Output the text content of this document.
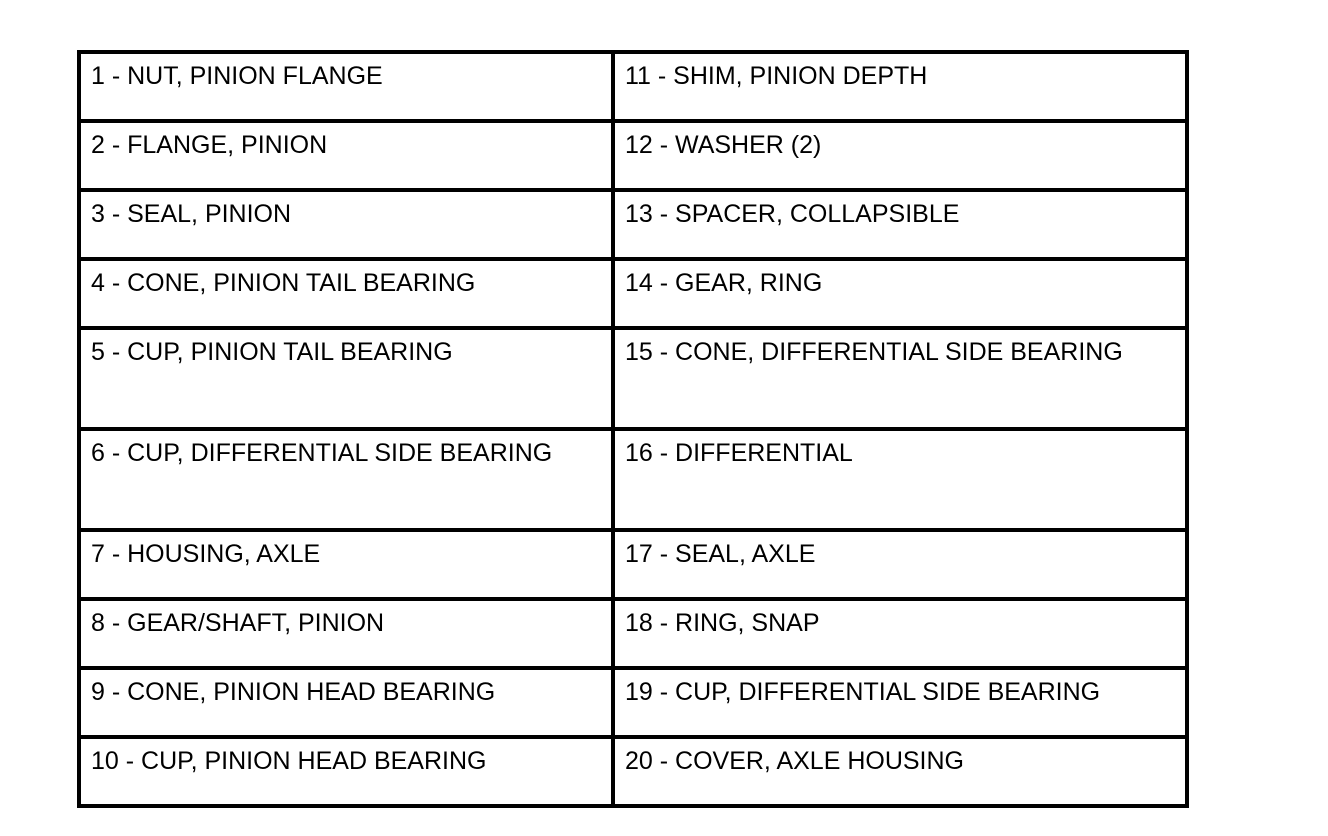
1 - NUT, PINION FLANGE	11 - SHIM, PINION DEPTH
2 - FLANGE, PINION	12 - WASHER (2)
3 - SEAL, PINION	13 - SPACER, COLLAPSIBLE
4 - CONE, PINION TAIL BEARING	14 - GEAR, RING
5 - CUP, PINION TAIL BEARING	15 - CONE, DIFFERENTIAL SIDE BEARING
6 - CUP, DIFFERENTIAL SIDE BEARING	16 - DIFFERENTIAL
7 - HOUSING, AXLE	17 - SEAL, AXLE
8 - GEAR/SHAFT, PINION	18 - RING, SNAP
9 - CONE, PINION HEAD BEARING	19 - CUP, DIFFERENTIAL SIDE BEARING
10 - CUP, PINION HEAD BEARING	20 - COVER, AXLE HOUSING
